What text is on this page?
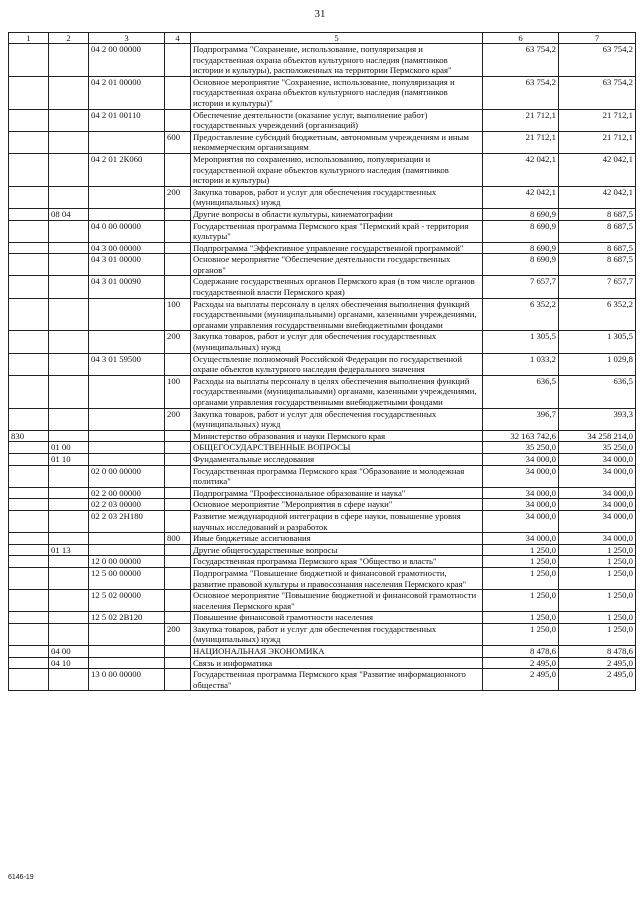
31
1	2	3	4	5	6	7
		04 2 00 00000		Подпрограмма "Сохранение, использование, популяризация и государственная охрана объектов культурного наследия (памятников истории и культуры), расположенных на территории Пермского края"	63 754,2	63 754,2
		04 2 01 00000		Основное мероприятие "Сохранение, использование, популяризация и государственная охрана объектов культурного наследия (памятников истории и культуры)"	63 754,2	63 754,2
		04 2 01 00110		Обеспечение деятельности (оказание услуг, выполнение работ) государственных учреждений (организаций)	21 712,1	21 712,1
			600	Предоставление субсидий бюджетным, автономным учреждениям и иным некоммерческим организациям	21 712,1	21 712,1
		04 2 01 2К060		Мероприятия по сохранению, использованию, популяризации и государственной охране объектов культурного наследия (памятников истории и культуры)	42 042,1	42 042,1
			200	Закупка товаров, работ и услуг для обеспечения государственных (муниципальных) нужд	42 042,1	42 042,1
	08 04			Другие вопросы в области культуры, кинематографии	8 690,9	8 687,5
		04 0 00 00000		Государственная программа Пермского края "Пермский край - территория культуры"	8 690,9	8 687,5
		04 3 00 00000		Подпрограмма "Эффективное управление государственной программой"	8 690,9	8 687,5
		04 3 01 00000		Основное мероприятие "Обеспечение деятельности государственных органов"	8 690,9	8 687,5
		04 3 01 00090		Содержание государственных органов Пермского края (в том числе органов государственной власти Пермского края)	7 657,7	7 657,7
			100	Расходы на выплаты персоналу в целях обеспечения выполнения функций государственными (муниципальными) органами, казенными учреждениями, органами управления государственными внебюджетными фондами	6 352,2	6 352,2
			200	Закупка товаров, работ и услуг для обеспечения государственных (муниципальных) нужд	1 305,5	1 305,5
		04 3 01 59500		Осуществление полномочий Российской Федерации по государственной охране объектов культурного наследия федерального значения	1 033,2	1 029,8
			100	Расходы на выплаты персоналу в целях обеспечения выполнения функций государственными (муниципальными) органами, казенными учреждениями, органами управления государственными внебюджетными фондами	636,5	636,5
			200	Закупка товаров, работ и услуг для обеспечения государственных (муниципальных) нужд	396,7	393,3
830				Министерство образования и науки Пермского края	32 163 742,6	34 258 214,0
	01 00			ОБЩЕГОСУДАРСТВЕННЫЕ ВОПРОСЫ	35 250,0	35 250,0
	01 10			Фундаментальные исследования	34 000,0	34 000,0
		02 0 00 00000		Государственная программа Пермского края "Образование и молодежная политика"	34 000,0	34 000,0
		02 2 00 00000		Подпрограмма "Профессиональное образование и наука"	34 000,0	34 000,0
		02 2 03 00000		Основное мероприятие "Мероприятия в сфере науки"	34 000,0	34 000,0
		02 2 03 2Н180		Развитие международной интеграции в сфере науки, повышение уровня научных исследований и разработок	34 000,0	34 000,0
			800	Иные бюджетные ассигнования	34 000,0	34 000,0
	01 13			Другие общегосударственные вопросы	1 250,0	1 250,0
		12 0 00 00000		Государственная программа Пермского края "Общество и власть"	1 250,0	1 250,0
		12 5 00 00000		Подпрограмма "Повышение бюджетной и финансовой грамотности, развитие правовой культуры и правосознания населения Пермского края"	1 250,0	1 250,0
		12 5 02 00000		Основное мероприятие "Повышение бюджетной и финансовой грамотности населения Пермского края"	1 250,0	1 250,0
		12 5 02 2В120		Повышение финансовой грамотности населения	1 250,0	1 250,0
			200	Закупка товаров, работ и услуг для обеспечения государственных (муниципальных) нужд	1 250,0	1 250,0
	04 00			НАЦИОНАЛЬНАЯ ЭКОНОМИКА	8 478,6	8 478,6
	04 10			Связь и информатика	2 495,0	2 495,0
		13 0 00 00000		Государственная программа Пермского края "Развитие информационного общества"	2 495,0	2 495,0
6146-19
